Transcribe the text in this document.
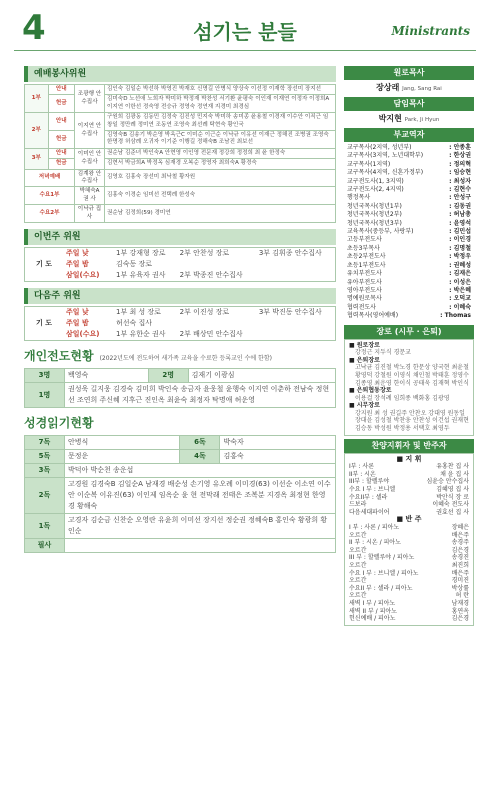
4	섬기는 분들	Ministrants
예배봉사위원
1부	안내	조광행 안수집사	김인숙 김일순 박선하 박영진 박재호 신명길 안병식 양상숙 이선정 이재학 장선미 장지선
	헌금		김미숙D 노선애 노희자 박미하 박정재 박찬성 서기환 윤평숙 이인재 이재연 이정자 이정희A 이지연 이한선 정숙영 전승규 정영숙 정연재 지경미 최경심
2부	안내	이지연 안수집사	구원희 김광동 김동민 김정숙 김진성 민지숙 박미하 송미종 윤용철 이경재 이수안 이직근 임창일 정만례 정미연 조동연 조영숙 최선례 탁현숙 황인국
	헌금		김영숙B 김송기 박순영 박옥근C 이미순 이근순 이낙규 이유선 이재근 정해진 조병권 조영숙 한명경 허삼례 오귀자 이기준 이행길 정해숙B 조남진 최보선
3부	안내	이미인 안수집사	권순남 김준녀 박인숙A 안현영 이인영 전문재 정강희 정정희 최 윤 한정숙
	헌금		김현서 박금희A 박정옥 심재경 오복순 정영자 최희숙A 황경숙
저녁예배		김계왕 안수집사	김영호 김홍숙 장선미 최낙철 황자원
수요1부		박혜숙A 권 사	김홍숙 이경순 임미선 전택례 한성숙
수요2부		이낙규 집 사	권순남 김정희(59) 경미연
이번주 위원
기 도	주일 낮	1부 강재형 장로	2부 안찬성 장로	3부 김휘종 안수집사
	주일 밤	김숙동 장로		
	삼일(수요)	1부 유육자 권사	2부 박종진 안수집사	
다음주 위원
기 도	주일 낮	1부 최 성 장로	2부 이진성 장로	3부 박진동 안수집사
	주일 밤	허선숙 집사		
	삼일(수요)	1부 유한순 권사	2부 배상민 안수집사	
개인전도현황 (2022년도에 전도하여 새가족 교육을 수료한 등록교인 수에 한함)
3명	백영숙	2명	김재기 이광심
1명	권성욱 길지웅 김경숙 김미희 박인숙 송금자 윤웅철 윤행숙 이지연 이춘하 전남숙 정현선 조연희 주신혜 지후근 진인옥 최윤숙 최정자 탁명애 허운영		
성경읽기현황
7독	안병식	6독	박숙자
5독	문정운	4독	김홍숙
3독	박덕아 박순천 송운섭		
2독	고경원 김경숙B 김일순A 남재경 배순성 손기영 유오례 이미경(63) 이선순 이소연 이수안 이순복 이유진(63) 이인제 임옥순 윤 현 전막래 전태은 조복분 지경옥 최정현 한영경 황해숙		
1독	고경자 김순금 신찬순 오영란 유윤희 이미선 장지선 정순권 정혜숙B 홍인숙 황광희 황인순		
필사			
원로목사
장상래 Jang, Sang Rai
담임목사
박지현 Park, Ji Hyun
부교역자
교구목사(2지역, 성년부)	: 안종훈
교구목사(3지역, 노년대학부)	: 한상권
교구목사(1지역)	: 정의혁
교구목사(4지역, 신혼가정부)	: 임승현
교구전도사(1, 3지역)	: 최성자
교구전도사(2, 4지역)	: 김현수
행정목사	: 안성구
청년국목사(청년1부)	: 김동권
청년국목사(청년2부)	: 허남총
청년국목사(청년3부)	: 윤영석
교육목사(중등부, 사랑부)	: 김민섭
고등부전도사	: 이인경
초등3부목사	: 김명철
초등2부전도사	: 박정우
초등1부전도사	: 권혜성
유치부전도사	: 김재은
유아부전도사	: 이성은
영아부전도사	: 박은혜
명예원로목사	: 오덕교
협력전도사	: 이혜숙
협력목사(영어예배)	: Thomas
장로 (시무 · 은퇴)
■ 원로장로
강정근 지두식 경문교
■ 은퇴장로
고낙균 김진철 박노경 한문상 양국현 최윤철 황영덕 강철원 이영식 채인철 박태훈 정영수 김종영 최운영 한이식 공태욱 김재혁 박인식
■ 은퇴협동장로
이용걸 장석례 임희종 백화홍 김광영
■ 시무장로
강지원 최 성 권길주 안찬오 강대영 원동일 장대윤 김성철 박찬웅 안찬성 이건섭 권재현 김승동 박성원 박정용 서택호 최영두
찬양지휘자 및 반주자
■ 지 휘
I부 : 사론	유홍찬 집 사
II부 : 시온	채 윤 집 사
III부 : 할렐루야	심윤승 안수집사
수요 I 부 : 브니엘	김혜영 집 사
수요II부 : 셀라	박안식 장 로
드보라	이혜숙 전도사
다음세대파이어	권효선 집 사
■ 반 주
I 부 : 사론 / 피아노	장혜은
오르간	배은주
II 부 : 시온 / 피아노	송경주
오르간	김은경
III 부 : 할렐루야 / 피아노	송경진
오르간	최진희
수요 I 부 : 브니엘 / 피아노	배은주
오르간	경미진
수요II 부 : 셀라 / 피아노	박상률
오르간	허 란
새벽 I 부 / 피아노	남재경
새벽 II 부 / 피아노	홍연옥
헌신예배 / 피아노	김은경
